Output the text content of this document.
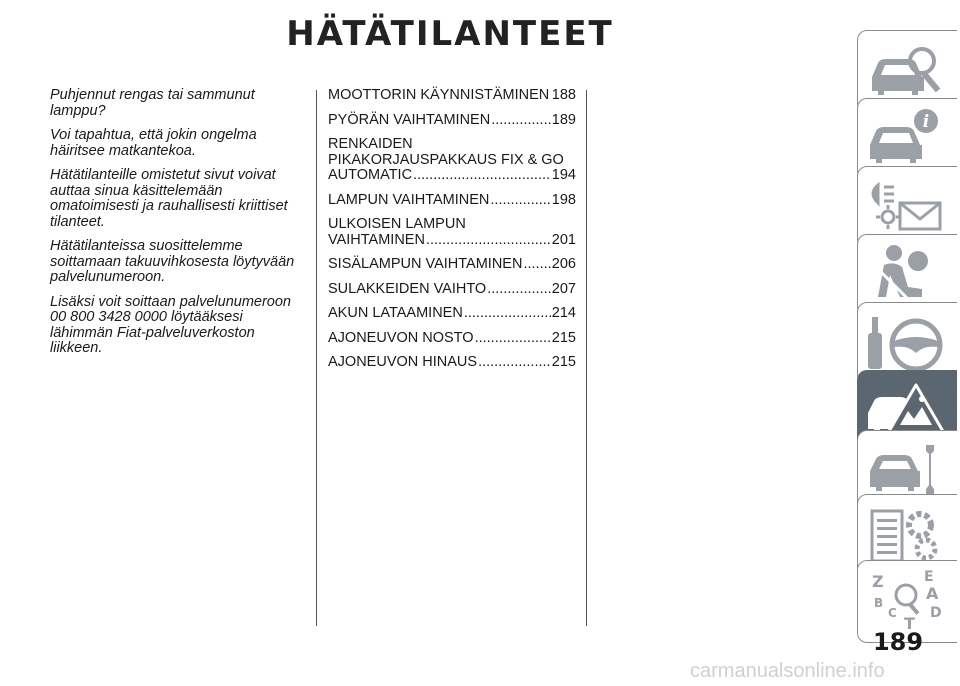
HÄTÄTILANTEET

Puhjennut rengas tai sammunut lamppu?

Voi tapahtua, että jokin ongelma häiritsee matkantekoa.

Hätätilanteille omistetut sivut voivat auttaa sinua käsittelemään omatoimisesti ja rauhallisesti kriittiset tilanteet.

Hätätilanteissa suosittelemme soittamaan takuuvihkosesta löytyvään palvelunumeroon.

Lisäksi voit soittaan palvelunumeroon 00 800 3428 0000 löytääksesi lähimmän Fiat-palveluverkoston liikkeen.

MOOTTORIN KÄYNNISTÄMINEN ..... 188
PYÖRÄN VAIHTAMINEN .....	189
RENKAIDEN PIKAKORJAUSPAKKAUS FIX & GO
AUTOMATIC .....	194
LAMPUN VAIHTAMINEN .....	198
ULKOISEN LAMPUN
VAIHTAMINEN .....	201
SISÄLAMPUN VAIHTAMINEN ..... 206
SULAKKEIDEN VAIHTO .....	207
AKUN LATAAMINEN .....	214
AJONEUVON NOSTO .....	215
AJONEUVON HINAUS .....	215
i
Z	E
A
B
C
T
D
189
carmanualsonline.info
